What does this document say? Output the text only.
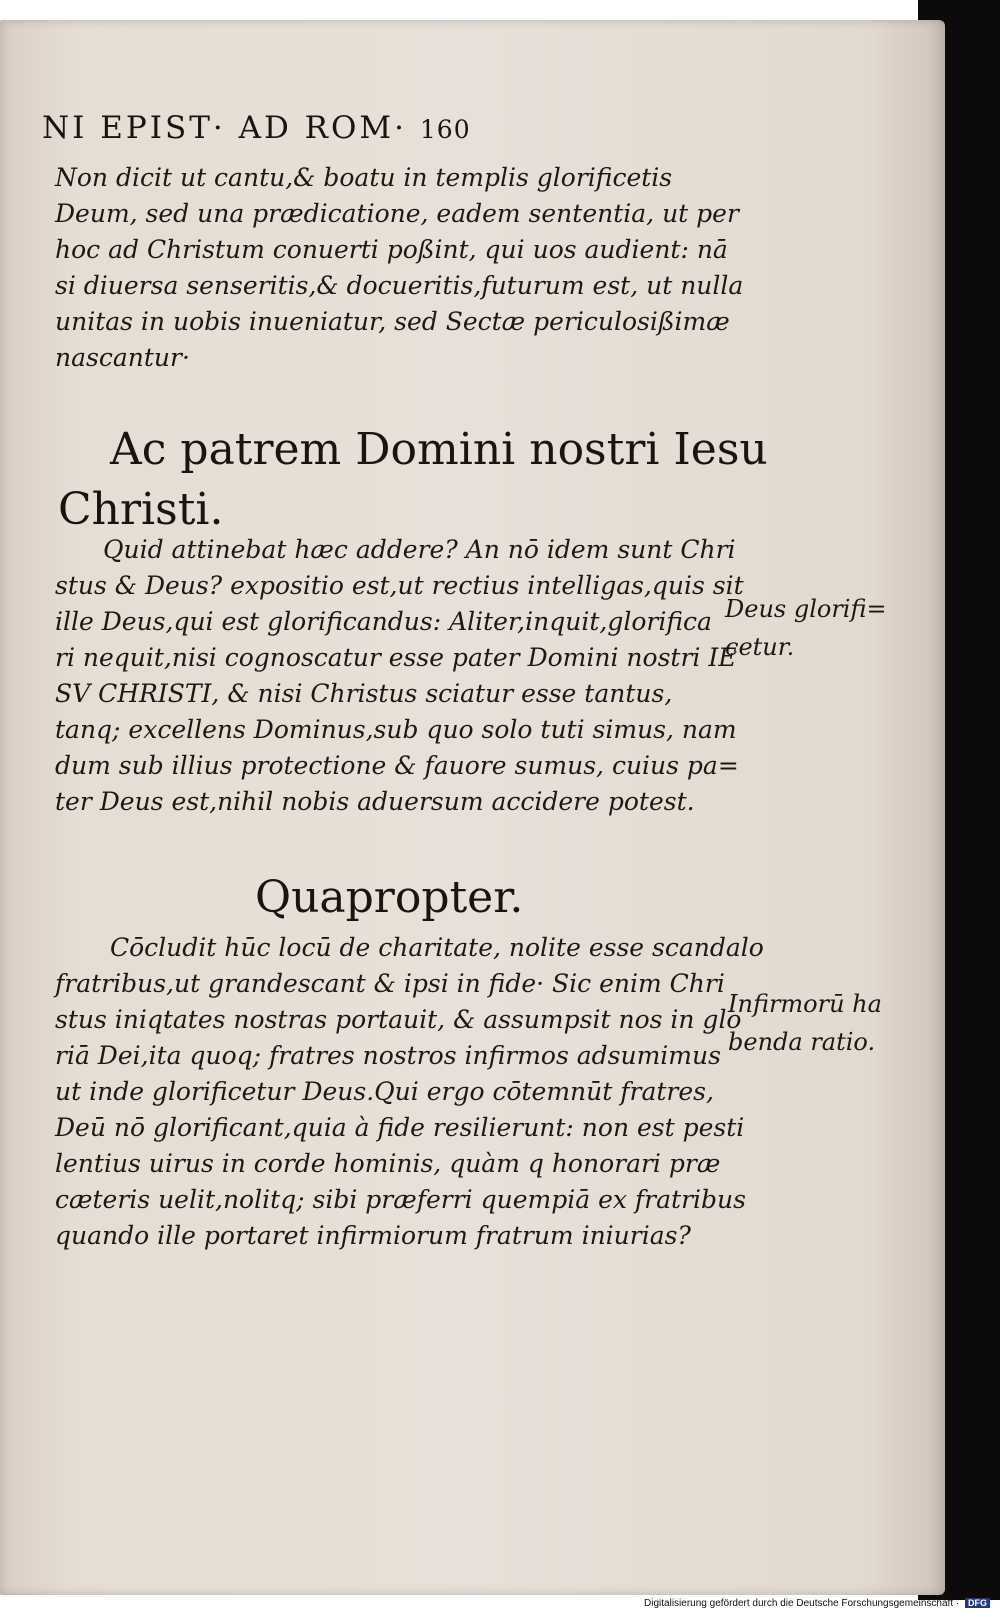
NI EPIST· AD ROM· 160
Non dicit ut cantu,& boatu in templis glorificetis
Deum, sed una prædicatione, eadem sententia, ut per
hoc ad Christum conuerti poßint, qui uos audient: nā
si diuersa senseritis,& docueritis,futurum est, ut nulla
unitas in uobis inueniatur, sed Sectæ periculosißimæ
nascantur·
Ac patrem Domini nostri Iesu
Christi.
Quid attinebat hæc addere? An nō idem sunt Chri
stus & Deus? expositio est,ut rectius intelligas,quis sit
ille Deus,qui est glorificandus: Aliter,inquit,glorifica
ri nequit,nisi cognoscatur esse pater Domini nostri IE
SV CHRISTI, & nisi Christus sciatur esse tantus,
tanq; excellens Dominus,sub quo solo tuti simus, nam
dum sub illius protectione & fauore sumus, cuius pa=
ter Deus est,nihil nobis aduersum accidere potest.
Deus glorifi=
cetur.
Quapropter.
Cōcludit hūc locū de charitate, nolite esse scandalo
fratribus,ut grandescant & ipsi in fide· Sic enim Chri
stus iniqtates nostras portauit, & assumpsit nos in glo
riā Dei,ita quoq; fratres nostros infirmos adsumimus
ut inde glorificetur Deus.Qui ergo cōtemnūt fratres,
Deū nō glorificant,quia à fide resilierunt: non est pesti
lentius uirus in corde hominis, quàm q honorari præ
cæteris uelit,nolitq; sibi præferri quempiā ex fratribus
quando ille portaret infirmiorum fratrum iniurias?
Infirmorū ha
benda ratio.
Digitalisierung gefördert durch die Deutsche Forschungsgemeinschaft · DFG
